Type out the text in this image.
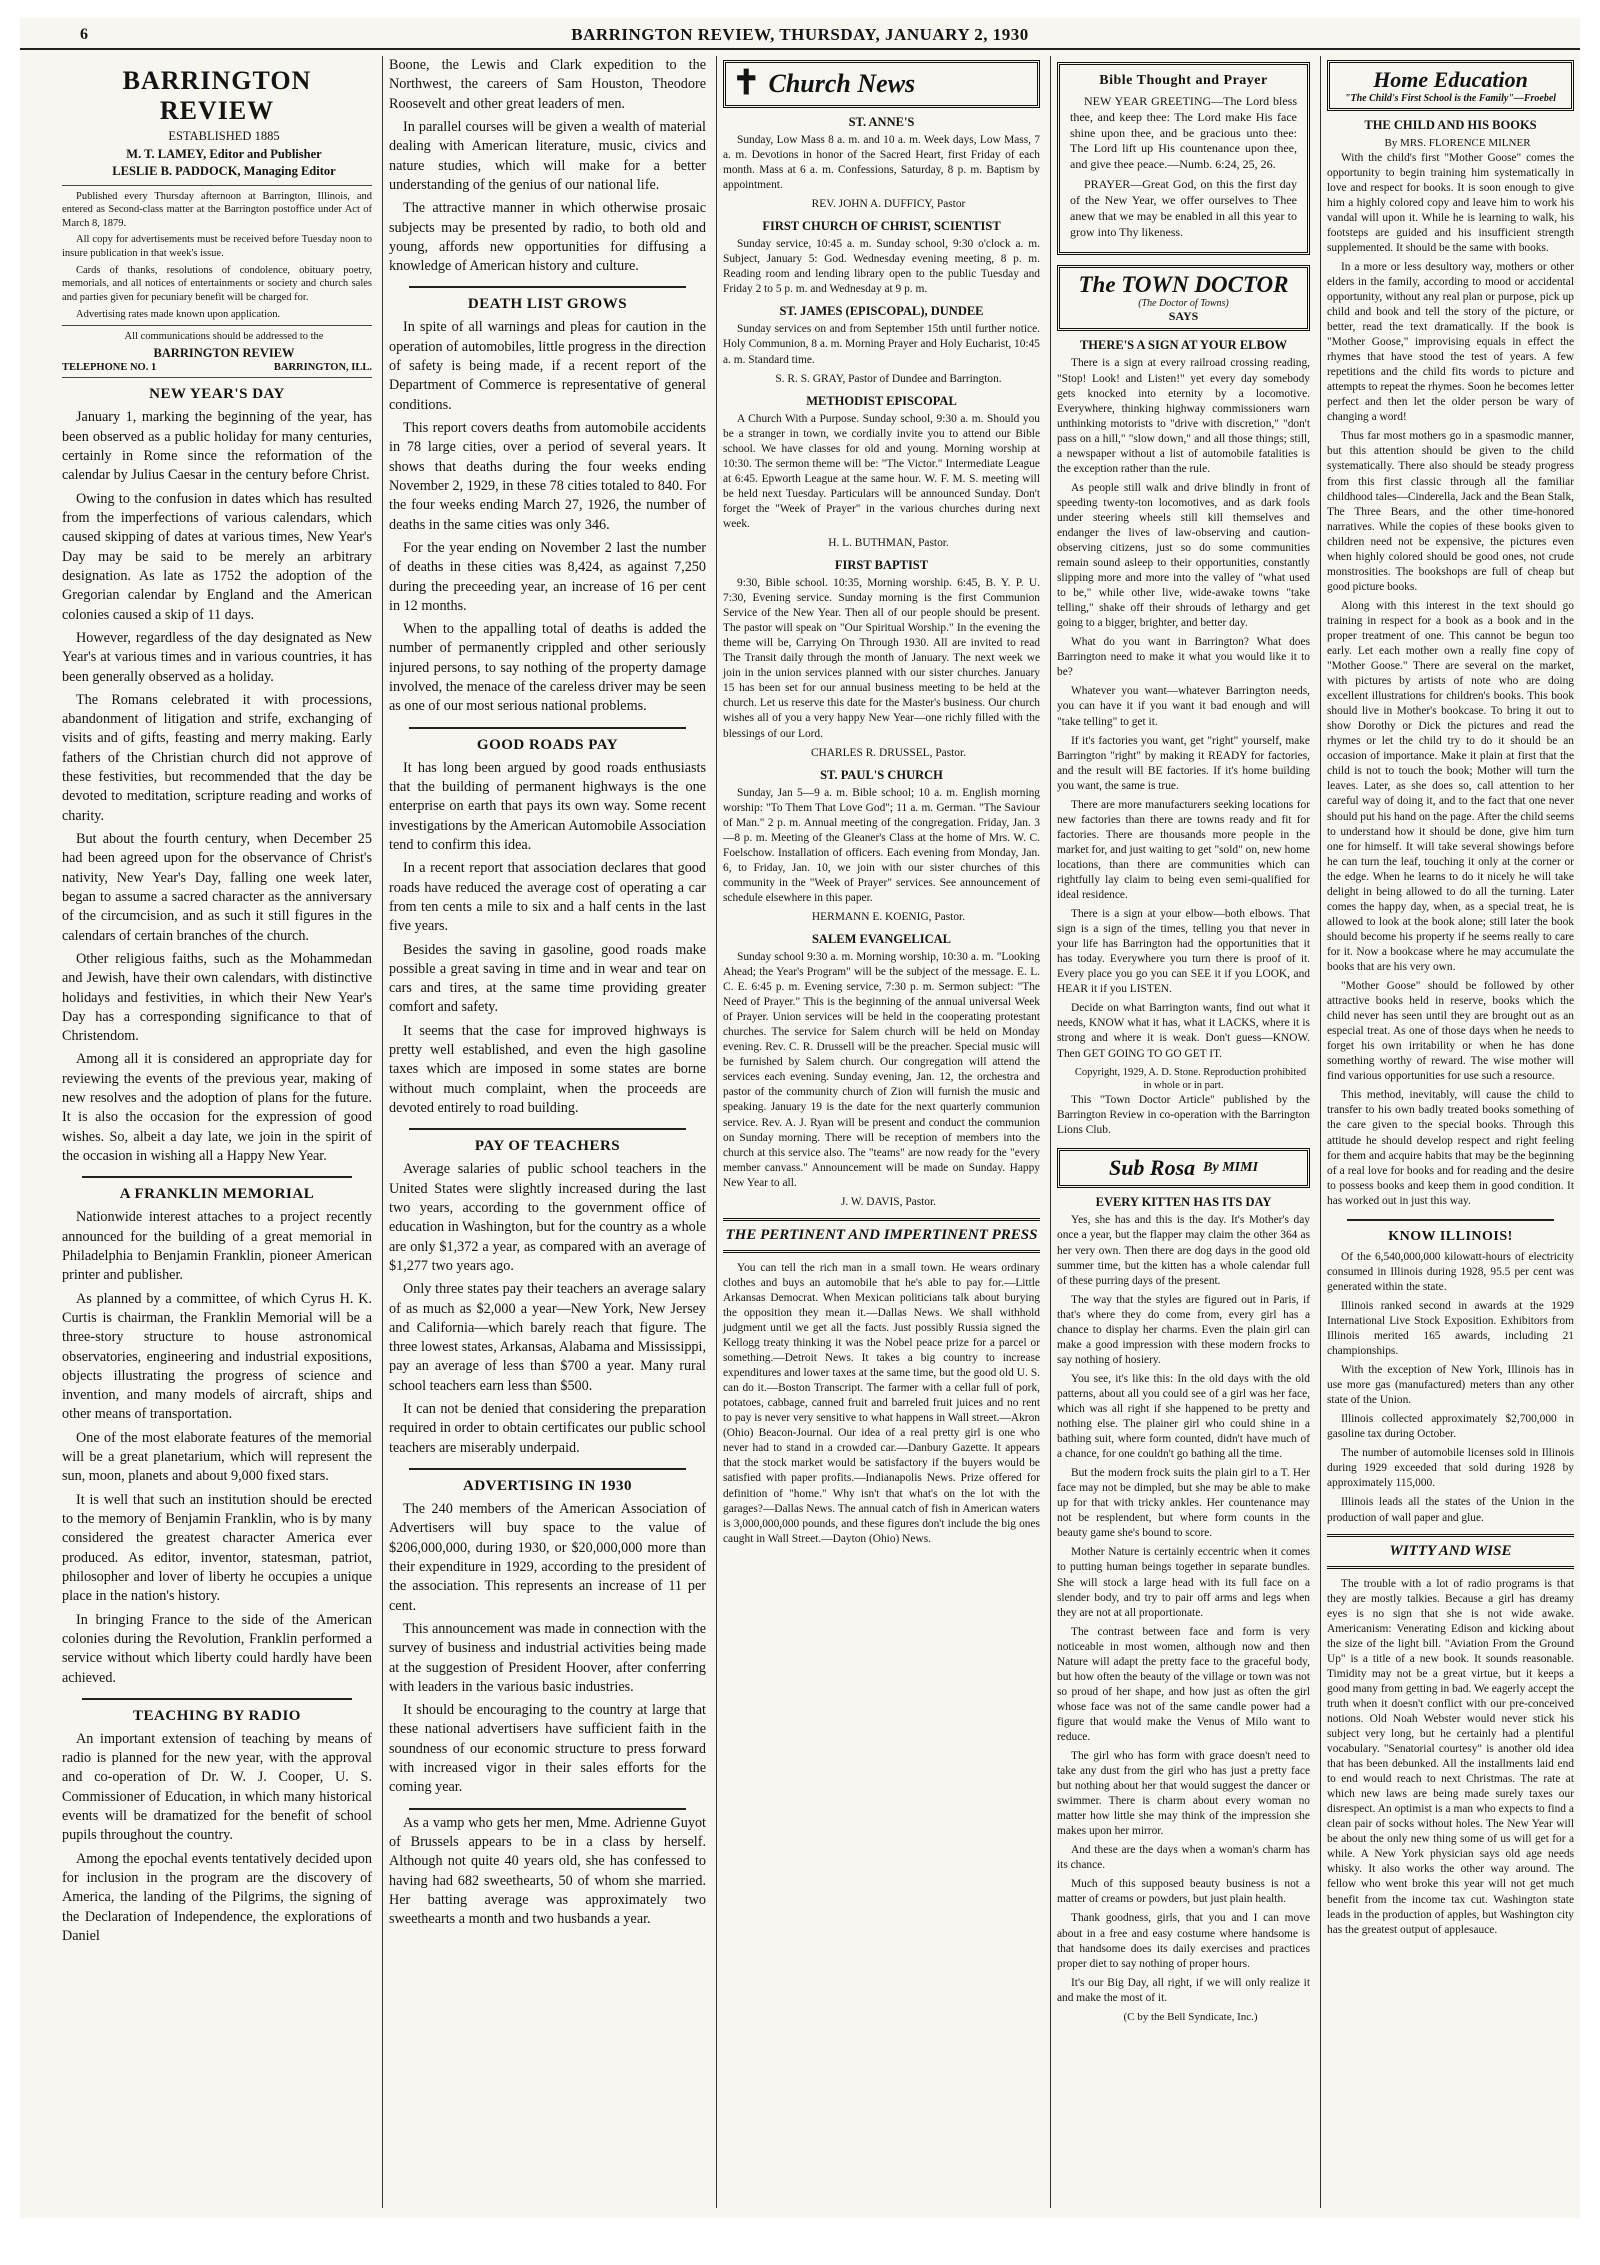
6	BARRINGTON REVIEW, THURSDAY, JANUARY 2, 1930
BARRINGTON REVIEW

ESTABLISHED 1885

M. T. LAMEY, Editor and Publisher

LESLIE B. PADDOCK, Managing Editor

Published every Thursday afternoon at Barrington, Illinois, and entered as Second-class matter at the Barrington postoffice under Act of March 8, 1879.

All copy for advertisements must be received before Tuesday noon to insure publication in that week's issue.

Cards of thanks, resolutions of condolence, obituary poetry, memorials, and all notices of entertainments or society and church sales and parties given for pecuniary benefit will be charged for.

Advertising rates made known upon application.

All communications should be addressed to the

BARRINGTON REVIEW

TELEPHONE NO. 1	BARRINGTON, ILL.
NEW YEAR'S DAY

January 1, marking the beginning of the year, has been observed as a public holiday for many centuries, certainly in Rome since the reformation of the calendar by Julius Caesar in the century before Christ.

Owing to the confusion in dates which has resulted from the imperfections of various calendars, which caused skipping of dates at various times, New Year's Day may be said to be merely an arbitrary designation. As late as 1752 the adoption of the Gregorian calendar by England and the American colonies caused a skip of 11 days.

However, regardless of the day designated as New Year's at various times and in various countries, it has been generally observed as a holiday.

The Romans celebrated it with processions, abandonment of litigation and strife, exchanging of visits and of gifts, feasting and merry making. Early fathers of the Christian church did not approve of these festivities, but recommended that the day be devoted to meditation, scripture reading and works of charity.

But about the fourth century, when December 25 had been agreed upon for the observance of Christ's nativity, New Year's Day, falling one week later, began to assume a sacred character as the anniversary of the circumcision, and as such it still figures in the calendars of certain branches of the church.

Other religious faiths, such as the Mohammedan and Jewish, have their own calendars, with distinctive holidays and festivities, in which their New Year's Day has a corresponding significance to that of Christendom.

Among all it is considered an appropriate day for reviewing the events of the previous year, making of new resolves and the adoption of plans for the future. It is also the occasion for the expression of good wishes. So, albeit a day late, we join in the spirit of the occasion in wishing all a Happy New Year.

A FRANKLIN MEMORIAL

Nationwide interest attaches to a project recently announced for the building of a great memorial in Philadelphia to Benjamin Franklin, pioneer American printer and publisher.

As planned by a committee, of which Cyrus H. K. Curtis is chairman, the Franklin Memorial will be a three-story structure to house astronomical observatories, engineering and industrial expositions, objects illustrating the progress of science and invention, and many models of aircraft, ships and other means of transportation.

One of the most elaborate features of the memorial will be a great planetarium, which will represent the sun, moon, planets and about 9,000 fixed stars.

It is well that such an institution should be erected to the memory of Benjamin Franklin, who is by many considered the greatest character America ever produced. As editor, inventor, statesman, patriot, philosopher and lover of liberty he occupies a unique place in the nation's history.

In bringing France to the side of the American colonies during the Revolution, Franklin performed a service without which liberty could hardly have been achieved.

TEACHING BY RADIO

An important extension of teaching by means of radio is planned for the new year, with the approval and co-operation of Dr. W. J. Cooper, U. S. Commissioner of Education, in which many historical events will be dramatized for the benefit of school pupils throughout the country.

Among the epochal events tentatively decided upon for inclusion in the program are the discovery of America, the landing of the Pilgrims, the signing of the Declaration of Independence, the explorations of Daniel

Boone, the Lewis and Clark expedition to the Northwest, the careers of Sam Houston, Theodore Roosevelt and other great leaders of men.

In parallel courses will be given a wealth of material dealing with American literature, music, civics and nature studies, which will make for a better understanding of the genius of our national life.

The attractive manner in which otherwise prosaic subjects may be presented by radio, to both old and young, affords new opportunities for diffusing a knowledge of American history and culture.

DEATH LIST GROWS

In spite of all warnings and pleas for caution in the operation of automobiles, little progress in the direction of safety is being made, if a recent report of the Department of Commerce is representative of general conditions.

This report covers deaths from automobile accidents in 78 large cities, over a period of several years. It shows that deaths during the four weeks ending November 2, 1929, in these 78 cities totaled to 840. For the four weeks ending March 27, 1926, the number of deaths in the same cities was only 346.

For the year ending on November 2 last the number of deaths in these cities was 8,424, as against 7,250 during the preceeding year, an increase of 16 per cent in 12 months.

When to the appalling total of deaths is added the number of permanently crippled and other seriously injured persons, to say nothing of the property damage involved, the menace of the careless driver may be seen as one of our most serious national problems.

GOOD ROADS PAY

It has long been argued by good roads enthusiasts that the building of permanent highways is the one enterprise on earth that pays its own way. Some recent investigations by the American Automobile Association tend to confirm this idea.

In a recent report that association declares that good roads have reduced the average cost of operating a car from ten cents a mile to six and a half cents in the last five years.

Besides the saving in gasoline, good roads make possible a great saving in time and in wear and tear on cars and tires, at the same time providing greater comfort and safety.

It seems that the case for improved highways is pretty well established, and even the high gasoline taxes which are imposed in some states are borne without much complaint, when the proceeds are devoted entirely to road building.

PAY OF TEACHERS

Average salaries of public school teachers in the United States were slightly increased during the last two years, according to the government office of education in Washington, but for the country as a whole are only $1,372 a year, as compared with an average of $1,277 two years ago.

Only three states pay their teachers an average salary of as much as $2,000 a year—New York, New Jersey and California—which barely reach that figure. The three lowest states, Arkansas, Alabama and Mississippi, pay an average of less than $700 a year. Many rural school teachers earn less than $500.

It can not be denied that considering the preparation required in order to obtain certificates our public school teachers are miserably underpaid.

ADVERTISING IN 1930

The 240 members of the American Association of Advertisers will buy space to the value of $206,000,000, during 1930, or $20,000,000 more than their expenditure in 1929, according to the president of the association. This represents an increase of 11 per cent.

This announcement was made in connection with the survey of business and industrial activities being made at the suggestion of President Hoover, after conferring with leaders in the various basic industries.

It should be encouraging to the country at large that these national advertisers have sufficient faith in the soundness of our economic structure to press forward with increased vigor in their sales efforts for the coming year.

As a vamp who gets her men, Mme. Adrienne Guyot of Brussels appears to be in a class by herself. Although not quite 40 years old, she has confessed to having had 682 sweethearts, 50 of whom she married. Her batting average was approximately two sweethearts a month and two husbands a year.

✝ Church News
ST. ANNE'S

Sunday, Low Mass 8 a. m. and 10 a. m. Week days, Low Mass, 7 a. m. Devotions in honor of the Sacred Heart, first Friday of each month. Mass at 6 a. m. Confessions, Saturday, 8 p. m. Baptism by appointment.

REV. JOHN A. DUFFICY, Pastor

FIRST CHURCH OF CHRIST, SCIENTIST

Sunday service, 10:45 a. m. Sunday school, 9:30 o'clock a. m. Subject, January 5: God. Wednesday evening meeting, 8 p. m. Reading room and lending library open to the public Tuesday and Friday 2 to 5 p. m. and Wednesday at 9 p. m.

ST. JAMES (EPISCOPAL), DUNDEE

Sunday services on and from September 15th until further notice. Holy Communion, 8 a. m. Morning Prayer and Holy Eucharist, 10:45 a. m. Standard time.

S. R. S. GRAY, Pastor of Dundee and Barrington.

METHODIST EPISCOPAL

A Church With a Purpose. Sunday school, 9:30 a. m. Should you be a stranger in town, we cordially invite you to attend our Bible school. We have classes for old and young. Morning worship at 10:30. The sermon theme will be: "The Victor." Intermediate League at 6:45. Epworth League at the same hour. W. F. M. S. meeting will be held next Tuesday. Particulars will be announced Sunday. Don't forget the "Week of Prayer" in the various churches during next week.

H. L. BUTHMAN, Pastor.

FIRST BAPTIST

9:30, Bible school. 10:35, Morning worship. 6:45, B. Y. P. U. 7:30, Evening service. Sunday morning is the first Communion Service of the New Year. Then all of our people should be present. The pastor will speak on "Our Spiritual Worship." In the evening the theme will be, Carrying On Through 1930. All are invited to read The Transit daily through the month of January. The next week we join in the union services planned with our sister churches. January 15 has been set for our annual business meeting to be held at the church. Let us reserve this date for the Master's business. Our church wishes all of you a very happy New Year—one richly filled with the blessings of our Lord.

CHARLES R. DRUSSEL, Pastor.

ST. PAUL'S CHURCH

Sunday, Jan 5—9 a. m. Bible school; 10 a. m. English morning worship: "To Them That Love God"; 11 a. m. German. "The Saviour of Man." 2 p. m. Annual meeting of the congregation. Friday, Jan. 3—8 p. m. Meeting of the Gleaner's Class at the home of Mrs. W. C. Foelschow. Installation of officers. Each evening from Monday, Jan. 6, to Friday, Jan. 10, we join with our sister churches of this community in the "Week of Prayer" services. See announcement of schedule elsewhere in this paper.

HERMANN E. KOENIG, Pastor.

SALEM EVANGELICAL

Sunday school 9:30 a. m. Morning worship, 10:30 a. m. "Looking Ahead; the Year's Program" will be the subject of the message. E. L. C. E. 6:45 p. m. Evening service, 7:30 p. m. Sermon subject: "The Need of Prayer." This is the beginning of the annual universal Week of Prayer. Union services will be held in the cooperating protestant churches. The service for Salem church will be held on Monday evening. Rev. C. R. Drussell will be the preacher. Special music will be furnished by Salem church. Our congregation will attend the services each evening. Sunday evening, Jan. 12, the orchestra and pastor of the community church of Zion will furnish the music and speaking. January 19 is the date for the next quarterly communion service. Rev. A. J. Ryan will be present and conduct the communion on Sunday morning. There will be reception of members into the church at this service also. The "teams" are now ready for the "every member canvass." Announcement will be made on Sunday. Happy New Year to all.

J. W. DAVIS, Pastor.

THE PERTINENT AND IMPERTINENT PRESS

You can tell the rich man in a small town. He wears ordinary clothes and buys an automobile that he's able to pay for.—Little Arkansas Democrat. When Mexican politicians talk about burying the opposition they mean it.—Dallas News. We shall withhold judgment until we get all the facts. Just possibly Russia signed the Kellogg treaty thinking it was the Nobel peace prize for a parcel or something.—Detroit News. It takes a big country to increase expenditures and lower taxes at the same time, but the good old U. S. can do it.—Boston Transcript. The farmer with a cellar full of pork, potatoes, cabbage, canned fruit and barreled fruit juices and no rent to pay is never very sensitive to what happens in Wall street.—Akron (Ohio) Beacon-Journal. Our idea of a real pretty girl is one who never had to stand in a crowded car.—Danbury Gazette. It appears that the stock market would be satisfactory if the buyers would be satisfied with paper profits.—Indianapolis News. Prize offered for definition of "home." Why isn't that what's on the lot with the garages?—Dallas News. The annual catch of fish in American waters is 3,000,000,000 pounds, and these figures don't include the big ones caught in Wall Street.—Dayton (Ohio) News.

Bible Thought and Prayer

NEW YEAR GREETING—The Lord bless thee, and keep thee: The Lord make His face shine upon thee, and be gracious unto thee: The Lord lift up His countenance upon thee, and give thee peace.—Numb. 6:24, 25, 26.

PRAYER—Great God, on this the first day of the New Year, we offer ourselves to Thee anew that we may be enabled in all this year to grow into Thy likeness.

The TOWN DOCTOR
(The Doctor of Towns)
SAYS
THERE'S A SIGN AT YOUR ELBOW

There is a sign at every railroad crossing reading, "Stop! Look! and Listen!" yet every day somebody gets knocked into eternity by a locomotive. Everywhere, thinking highway commissioners warn unthinking motorists to "drive with discretion," "don't pass on a hill," "slow down," and all those things; still, a newspaper without a list of automobile fatalities is the exception rather than the rule.

As people still walk and drive blindly in front of speeding twenty-ton locomotives, and as dark fools under steering wheels still kill themselves and endanger the lives of law-observing and caution-observing citizens, just so do some communities remain sound asleep to their opportunities, constantly slipping more and more into the valley of "what used to be," while other live, wide-awake towns "take telling," shake off their shrouds of lethargy and get going to a bigger, brighter, and better day.

What do you want in Barrington? What does Barrington need to make it what you would like it to be?

Whatever you want—whatever Barrington needs, you can have it if you want it bad enough and will "take telling" to get it.

If it's factories you want, get "right" yourself, make Barrington "right" by making it READY for factories, and the result will BE factories. If it's home building you want, the same is true.

There are more manufacturers seeking locations for new factories than there are towns ready and fit for factories. There are thousands more people in the market for, and just waiting to get "sold" on, new home locations, than there are communities which can rightfully lay claim to being even semi-qualified for ideal residence.

There is a sign at your elbow—both elbows. That sign is a sign of the times, telling you that never in your life has Barrington had the opportunities that it has today. Everywhere you turn there is proof of it. Every place you go you can SEE it if you LOOK, and HEAR it if you LISTEN.

Decide on what Barrington wants, find out what it needs, KNOW what it has, what it LACKS, where it is strong and where it is weak. Don't guess—KNOW. Then GET GOING TO GO GET IT.

Copyright, 1929, A. D. Stone. Reproduction prohibited in whole or in part.

This "Town Doctor Article" published by the Barrington Review in co-operation with the Barrington Lions Club.

Sub Rosa By MIMI
EVERY KITTEN HAS ITS DAY

Yes, she has and this is the day. It's Mother's day once a year, but the flapper may claim the other 364 as her very own. Then there are dog days in the good old summer time, but the kitten has a whole calendar full of these purring days of the present.

The way that the styles are figured out in Paris, if that's where they do come from, every girl has a chance to display her charms. Even the plain girl can make a good impression with these modern frocks to say nothing of hosiery.

You see, it's like this: In the old days with the old patterns, about all you could see of a girl was her face, which was all right if she happened to be pretty and nothing else. The plainer girl who could shine in a bathing suit, where form counted, didn't have much of a chance, for one couldn't go bathing all the time.

But the modern frock suits the plain girl to a T. Her face may not be dimpled, but she may be able to make up for that with tricky ankles. Her countenance may not be resplendent, but where form counts in the beauty game she's bound to score.

Mother Nature is certainly eccentric when it comes to putting human beings together in separate bundles. She will stock a large head with its full face on a slender body, and try to pair off arms and legs when they are not at all proportionate.

The contrast between face and form is very noticeable in most women, although now and then Nature will adapt the pretty face to the graceful body, but how often the beauty of the village or town was not so proud of her shape, and how just as often the girl whose face was not of the same candle power had a figure that would make the Venus of Milo want to reduce.

The girl who has form with grace doesn't need to take any dust from the girl who has just a pretty face but nothing about her that would suggest the dancer or swimmer. There is charm about every woman no matter how little she may think of the impression she makes upon her mirror.

And these are the days when a woman's charm has its chance.

Much of this supposed beauty business is not a matter of creams or powders, but just plain health.

Thank goodness, girls, that you and I can move about in a free and easy costume where handsome is that handsome does its daily exercises and practices proper diet to say nothing of proper hours.

It's our Big Day, all right, if we will only realize it and make the most of it.

(C by the Bell Syndicate, Inc.)

Home Education
"The Child's First School is the Family"—Froebel
THE CHILD AND HIS BOOKS

By MRS. FLORENCE MILNER

With the child's first "Mother Goose" comes the opportunity to begin training him systematically in love and respect for books. It is soon enough to give him a highly colored copy and leave him to work his vandal will upon it. While he is learning to walk, his footsteps are guided and his insufficient strength supplemented. It should be the same with books.

In a more or less desultory way, mothers or other elders in the family, according to mood or accidental opportunity, without any real plan or purpose, pick up child and book and tell the story of the picture, or better, read the text dramatically. If the book is "Mother Goose," improvising equals in effect the rhymes that have stood the test of years. A few repetitions and the child fits words to picture and attempts to repeat the rhymes. Soon he becomes letter perfect and then let the older person be wary of changing a word!

Thus far most mothers go in a spasmodic manner, but this attention should be given to the child systematically. There also should be steady progress from this first classic through all the familiar childhood tales—Cinderella, Jack and the Bean Stalk, The Three Bears, and the other time-honored narratives. While the copies of these books given to children need not be expensive, the pictures even when highly colored should be good ones, not crude monstrosities. The bookshops are full of cheap but good picture books.

Along with this interest in the text should go training in respect for a book as a book and in the proper treatment of one. This cannot be begun too early. Let each mother own a really fine copy of "Mother Goose." There are several on the market, with pictures by artists of note who are doing excellent illustrations for children's books. This book should live in Mother's bookcase. To bring it out to show Dorothy or Dick the pictures and read the rhymes or let the child try to do it should be an occasion of importance. Make it plain at first that the child is not to touch the book; Mother will turn the leaves. Later, as she does so, call attention to her careful way of doing it, and to the fact that one never should put his hand on the page. After the child seems to understand how it should be done, give him turn one for himself. It will take several showings before he can turn the leaf, touching it only at the corner or the edge. When he learns to do it nicely he will take delight in being allowed to do all the turning. Later comes the happy day, when, as a special treat, he is allowed to look at the book alone; still later the book should become his property if he seems really to care for it. Now a bookcase where he may accumulate the books that are his very own.

"Mother Goose" should be followed by other attractive books held in reserve, books which the child never has seen until they are brought out as an especial treat. As one of those days when he needs to forget his own irritability or when he has done something worthy of reward. The wise mother will find various opportunities for use such a resource.

This method, inevitably, will cause the child to transfer to his own badly treated books something of the care given to the special books. Through this attitude he should develop respect and right feeling for them and acquire habits that may be the beginning of a real love for books and for reading and the desire to possess books and keep them in good condition. It has worked out in just this way.

KNOW ILLINOIS!

Of the 6,540,000,000 kilowatt-hours of electricity consumed in Illinois during 1928, 95.5 per cent was generated within the state.

Illinois ranked second in awards at the 1929 International Live Stock Exposition. Exhibitors from Illinois merited 165 awards, including 21 championships.

With the exception of New York, Illinois has in use more gas (manufactured) meters than any other state of the Union.

Illinois collected approximately $2,700,000 in gasoline tax during October.

The number of automobile licenses sold in Illinois during 1929 exceeded that sold during 1928 by approximately 115,000.

Illinois leads all the states of the Union in the production of wall paper and glue.

WITTY AND WISE

The trouble with a lot of radio programs is that they are mostly talkies. Because a girl has dreamy eyes is no sign that she is not wide awake. Americanism: Venerating Edison and kicking about the size of the light bill. "Aviation From the Ground Up" is a title of a new book. It sounds reasonable. Timidity may not be a great virtue, but it keeps a good many from getting in bad. We eagerly accept the truth when it doesn't conflict with our pre-conceived notions. Old Noah Webster would never stick his subject very long, but he certainly had a plentiful vocabulary. "Senatorial courtesy" is another old idea that has been debunked. All the installments laid end to end would reach to next Christmas. The rate at which new laws are being made surely taxes our disrespect. An optimist is a man who expects to find a clean pair of socks without holes. The New Year will be about the only new thing some of us will get for a while. A New York physician says old age needs whisky. It also works the other way around. The fellow who went broke this year will not get much benefit from the income tax cut. Washington state leads in the production of apples, but Washington city has the greatest output of applesauce.
